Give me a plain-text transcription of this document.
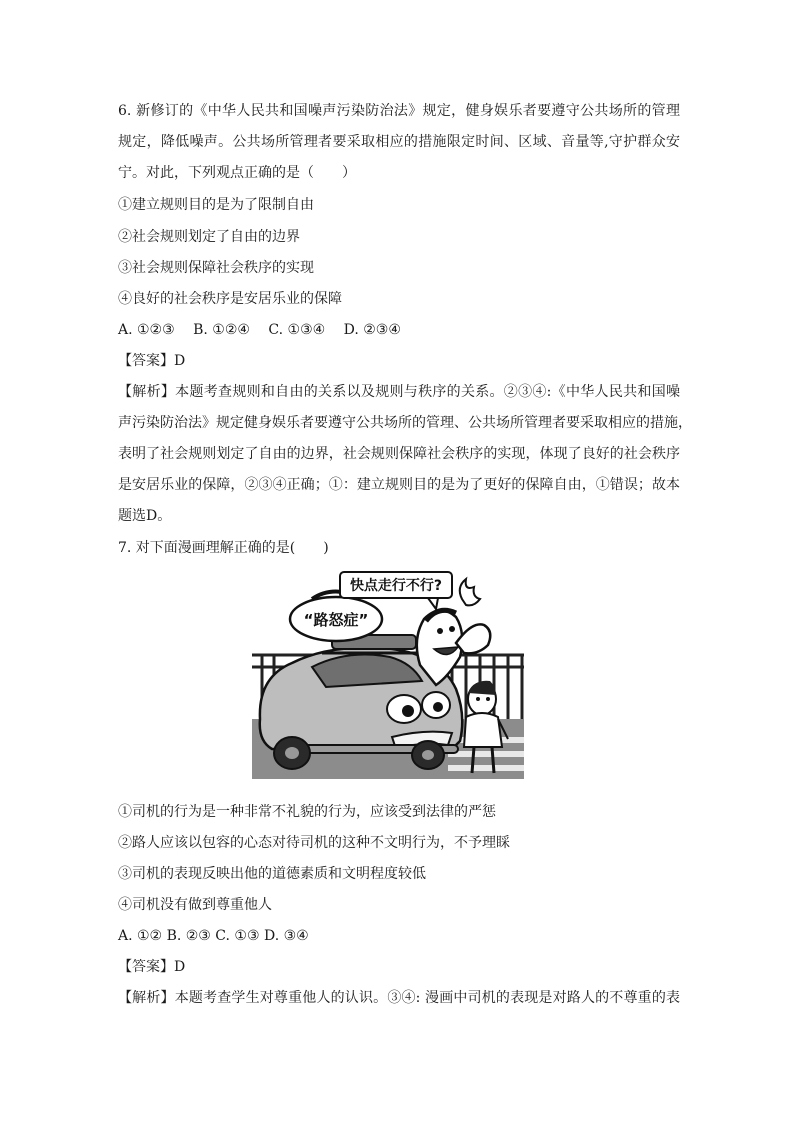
6. 新修订的《中华人民共和国噪声污染防治法》规定，健身娱乐者要遵守公共场所的管理
规定，降低噪声。公共场所管理者要采取相应的措施限定时间、区域、音量等,守护群众安
宁。对此，下列观点正确的是（　　）
①建立规则目的是为了限制自由
②社会规则划定了自由的边界
③社会规则保障社会秩序的实现
④良好的社会秩序是安居乐业的保障
A. ①②③　 B. ①②④　 C. ①③④　 D. ②③④
【答案】D
【解析】本题考查规则和自由的关系以及规则与秩序的关系。②③④:《中华人民共和国噪
声污染防治法》规定健身娱乐者要遵守公共场所的管理、公共场所管理者要采取相应的措施，
表明了社会规则划定了自由的边界，社会规则保障社会秩序的实现，体现了良好的社会秩序
是安居乐业的保障，②③④正确；①：建立规则目的是为了更好的保障自由，①错误；故本
题选D。
7. 对下面漫画理解正确的是(　　)
“路怒症”
快点走行不行?
①司机的行为是一种非常不礼貌的行为，应该受到法律的严惩
②路人应该以包容的心态对待司机的这种不文明行为，不予理睬
③司机的表现反映出他的道德素质和文明程度较低
④司机没有做到尊重他人
A. ①② B. ②③ C. ①③ D. ③④
【答案】D
【解析】本题考查学生对尊重他人的认识。③④: 漫画中司机的表现是对路人的不尊重的表
